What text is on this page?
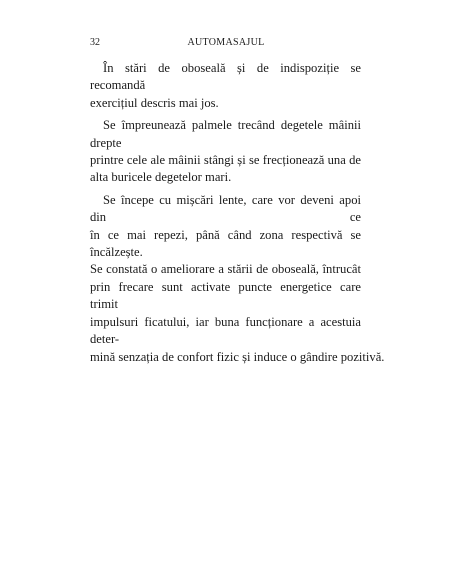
32	AUTOMASAJUL

În stări de oboseală și de indispoziție se recomandă
exercițiul descris mai jos.

Se împreunează palmele trecând degetele mâinii drepte
printre cele ale mâinii stângi și se frecționează una de
alta buricele degetelor mari.

Se începe cu mișcări lente, care vor deveni apoi din ce
în ce mai repezi, până când zona respectivă se încălzește.
Se constată o ameliorare a stării de oboseală, întrucât
prin frecare sunt activate puncte energetice care trimit
impulsuri ficatului, iar buna funcționare a acestuia deter-
mină senzația de confort fizic și induce o gândire pozitivă.
